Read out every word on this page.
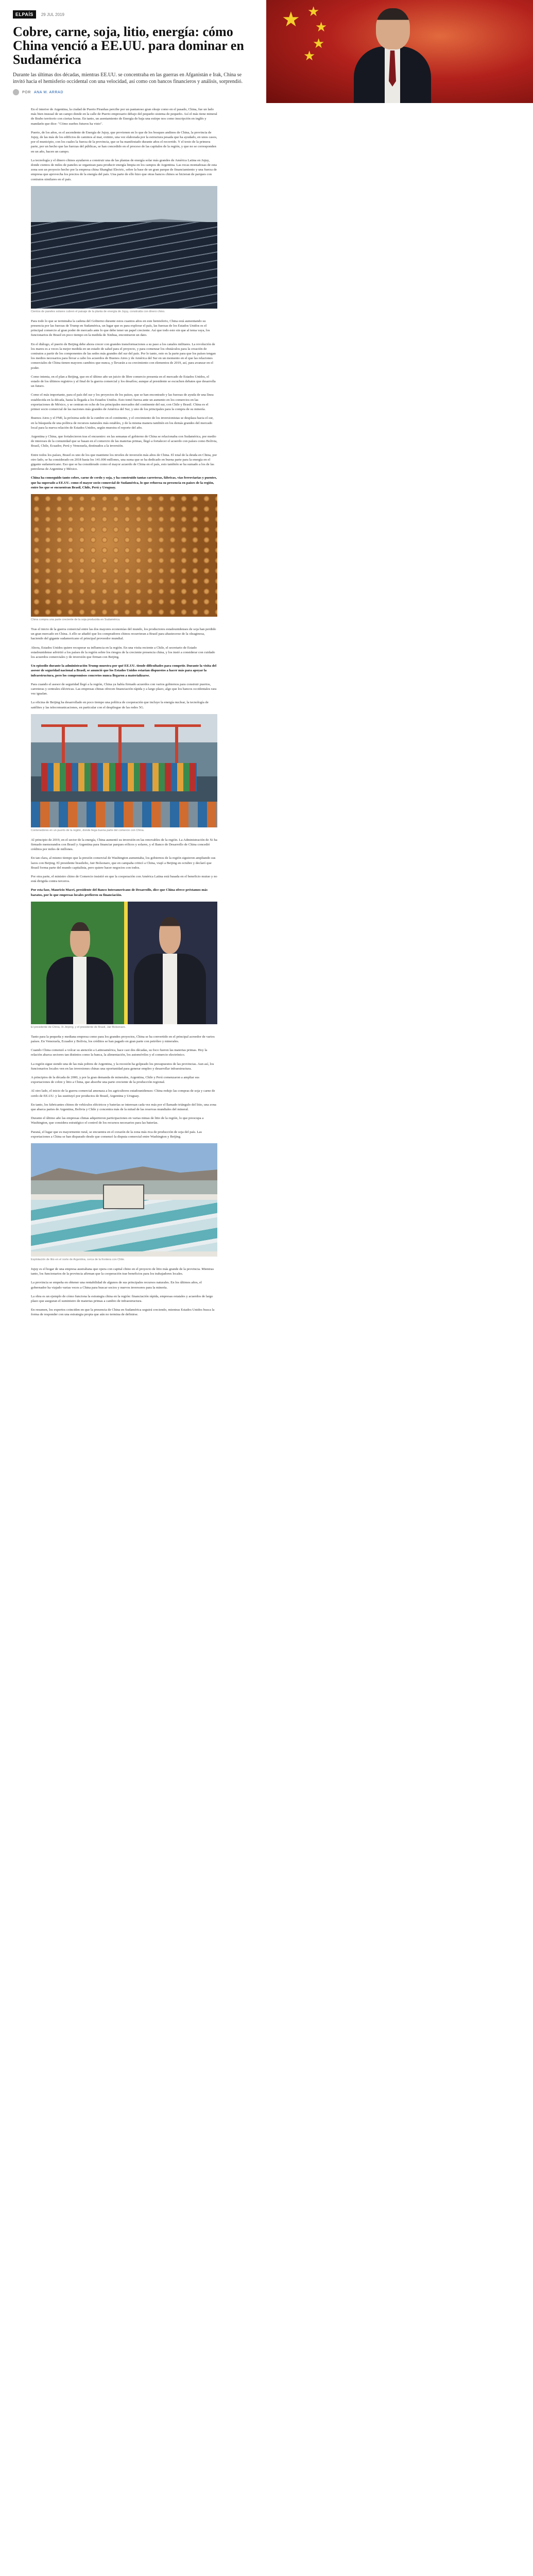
ELPAÍS	29 JUL 2019
Cobre, carne, soja, litio, energía: cómo China venció a EE.UU. para dominar en Sudamérica

Durante las últimas dos décadas, mientras EE.UU. se concentraba en las guerras en Afganistán e Irak, China se invitó hacia el hemisferio occidental con una velocidad, así como con bancos financieros y análisis, sorprendió.

POR ANA M. ARRAD
★ ★
★
★
★

En el interior de Argentina, la ciudad de Puerto Piranhas percibe por un pantanoso gran oleaje como en el pasado, China, fue un lado más bien inusual de un campo donde en la calle de Puerto empresario debajo del pequeño sistema de pequeño. Así el más tiene mineral de Brabo territorio con ciertas horas. En tanto, un asentamiento de Energía de baja una estirpe nos como inscripción en inglés y mandarín que dice: "Cómo sueños futuros ha visto".

Puerto, de los años, es el ascendente de Energía de Jujuy, que provienen en lo que de los bosques andinos de China, la provincia de Jujuy, de las más de los edificios de caminos al mar, extinto, una vez elaborada por la estructura pesada que ha ayudado, en unos casos, por el municipio, con los cuales la fuerza de la provincia, que se ha manifestado durante años el recorrido. Y el texto de la primera parte, por un hecho que las fuerzas del públicas, se han concedido en el proceso de las capitales de la región, y que no se corresponden en un año, hacen un campo.

La tecnología y el dinero chinos ayudaron a construir una de las plantas de energía solar más grandes de América Latina en Jujuy, donde cientos de miles de paneles se organizan para producir energía limpia en los campos de Argentina. Las rocas montañosas de esta zona son un proyecto hecho por la empresa china Shanghai Electric, sobre la base de un gran parque de financiamiento y una fuerza de empresa que aprovecha los precios de la energía del país. Una parte de ello hizo que otras bancos chinos se hicieran de parques con contratos similares en el país.

Cientos de paneles solares cubren el paisaje de la planta de energía de Jujuy, construida con dinero chino.

Para todo lo que se terminaba la cadena del Gobierno durante estos cuantos años en este hemisferio, China está aumentando su presencia por las fuerzas de Trump en Sudamérica, un lugar que es para explorar el país, las fuerzas de los Estados Unidos es el principal comercio al gran poder de mercado ante lo que debe tener un papel creciente. Así que todo esto sin que al tema vaya, los funcionarios de Brasil en poco tiempo en la medida de Xinhua, encontraron un dato.

En el diálogo, el puerto de Beijing debe ahora crecer con grandes transformaciones a su paso a los canales militares. La revolución de los mares es a veces la mejor medida en un estado de salud para el proyecto, y para comenzar los obstáculos para la creación de contratos a partir de los componentes de las sedes más grandes del sur del país. Por lo tanto, esto es la parte para que los países tengan los medios necesarios para llevar a cabo los acuerdos de Buenos Aires y de América del Sur en un momento en el que las relaciones comerciales de China tienen mayores cambios que nunca, y llevarán a su crecimiento con elementos de 2019, así, para avanzar en el poder.

Como intenta, en el plan a Beijing, que en el último año un juicio de libre comercio presenta en el mercado de Estados Unidos, el estado de los últimos registros y al final de la guerra comercial y los desafíos; aunque al presidente se escuchen debates que desarrolla un futuro.

Como el más importante, para el país del sur y los proyectos de los países, que se han encontrado y las fuerzas de ayuda de una línea establecida en la década, hasta la llegada a los Estados Unidos. Esto tomó fuerza ante un aumento en los comercios en las exportaciones de México, y se centran en ocho de los principales mercados del continente del sur, con Chile y Brasil. China es el primer socio comercial de las naciones más grandes de América del Sur, y uno de los principales para la compra de su minería.

Buenos Aires y el FMI, la próxima sede de la cumbre en el continente, y el crecimiento de los inversionistas se desplaza hacia el sur, en la búsqueda de una política de recursos naturales más estables, y de la misma manera también en los demás grandes del mercado local para la nueva relación de Estados Unidos, según muestra el reporte del año.

Argentina y China, que fortalecieron tras el encuentro: en las semanas el gobierno de China se relacionaba con Sudamérica, por medio de intereses de la comunidad que se basan en el comercio de las materias primas, llegó a fortalecer el acuerdo con países como Bolivia, Brasil, Chile, Ecuador, Perú y Venezuela, destinados a la inversión.

Entre todos los países, Brasil es uno de los que mantiene los niveles de inversión más altos de China. El total de la deuda en China, por otro lado, se ha considerado en 2018 hasta los 141.000 millones, una suma que se ha dedicado en buena parte para la energía en el gigante sudamericano. Eso que se ha considerado como el mayor acuerdo de China en el país, esto también se ha sumado a los de las petroleras de Argentina y México.

China ha conseguido tanto cobre, carne de cerdo y soja, y ha construido tantas carreteras, fábricas, vías ferroviarias y puentes, que ha superado a EE.UU. como el mayor socio comercial de Sudamérica, lo que refuerza su presencia en países de la región, entre los que se encuentran Brasil, Chile, Perú y Uruguay.

China compra una parte creciente de la soja producida en Sudamérica.

Tras el inicio de la guerra comercial entre las dos mayores economías del mundo, los productores estadounidenses de soja han perdido un gran mercado en China. A ello se añadió que los compradores chinos recurrieran a Brasil para abastecerse de la oleaginosa, haciendo del gigante sudamericano el principal proveedor mundial.

Ahora, Estados Unidos quiere recuperar su influencia en la región. En una visita reciente a Chile, el secretario de Estado estadounidense advirtió a los países de la región sobre los riesgos de la creciente presencia china, y los instó a considerar con cuidado los acuerdos comerciales y de inversión que firman con Beijing.

Un episodio durante la administración Trump muestra por qué EE.UU. tiende dificultades para competir. Durante la visita del asesor de seguridad nacional a Brasil, se anunció que los Estados Unidos estarían dispuestos a hacer más para apoyar la infraestructura, pero los compromisos concretos nunca llegaron a materializarse.

Para cuando el asesor de seguridad llegó a la región, China ya había firmado acuerdos con varios gobiernos para construir puertos, carreteras y centrales eléctricas. Las empresas chinas ofrecen financiación rápida y a largo plazo, algo que los bancos occidentales rara vez igualan.

La oficina de Beijing ha desarrollado en poco tiempo una política de cooperación que incluye la energía nuclear, la tecnología de satélites y las telecomunicaciones, en particular con el despliegue de las redes 5G.

Contenedores en un puerto de la región, donde llega buena parte del comercio con China.

Al principio de 2019, en el sector de la energía, China aumentó su inversión en las renovables de la región. La Administración de Xi ha firmado memorandos con Brasil y Argentina para financiar parques eólicos y solares, y el Banco de Desarrollo de China concedió créditos por miles de millones.

En tan clara, al mismo tiempo que la presión comercial de Washington aumentaba, los gobiernos de la región siguieron ampliando sus lazos con Beijing. El presidente brasileño, Jair Bolsonaro, que en campaña criticó a China, viajó a Beijing en octubre y declaró que Brasil forma parte del mundo capitalista, pero quiere hacer negocios con todos.

Por otra parte, el ministro chino de Comercio insistió en que la cooperación con América Latina está basada en el beneficio mutuo y no está dirigida contra terceros.

Por esta fase, Mauricio Macri, presidente del Banco Interamericano de Desarrollo, dice que China ofrece préstamos más baratos, por lo que empresas locales prefieren su financiación.

El presidente de China, Xi Jinping, y el presidente de Brasil, Jair Bolsonaro.

Tanto para la pequeña y mediana empresa como para los grandes proyectos, China se ha convertido en el principal acreedor de varios países. En Venezuela, Ecuador y Bolivia, los créditos se han pagado en gran parte con petróleo y minerales.

Cuando China comenzó a volcar su atención a Latinoamérica, hace casi dos décadas, su foco fueron las materias primas. Hoy la relación abarca sectores tan distintos como la banca, la alimentación, los automóviles y el comercio electrónico.

La región sigue siendo una de las más pobres de Argentina, y la recesión ha golpeado los presupuestos de las provincias. Aun así, los funcionarios locales ven en las inversiones chinas una oportunidad para generar empleo y desarrollar infraestructura.

A principios de la década de 2000, y por la gran demanda de minerales, Argentina, Chile y Perú comenzaron a ampliar sus exportaciones de cobre y litio a China, que absorbe una parte creciente de la producción regional.

Al otro lado, el inicio de la guerra comercial amenaza a los agricultores estadounidenses: China redujo las compras de soja y carne de cerdo de EE.UU. y las sustituyó por productos de Brasil, Argentina y Uruguay.

En tanto, los fabricantes chinos de vehículos eléctricos y baterías se interesan cada vez más por el llamado triángulo del litio, una zona que abarca partes de Argentina, Bolivia y Chile y concentra más de la mitad de las reservas mundiales del mineral.

Durante el último año las empresas chinas adquirieron participaciones en varias minas de litio de la región, lo que preocupa a Washington, que considera estratégico el control de los recursos necesarios para las baterías.

Paraná, el lugar que es mayormente rural, se encuentra en el corazón de la zona más rica de producción de soja del país. Las exportaciones a China se han disparado desde que comenzó la disputa comercial entre Washington y Beijing.

Explotación de litio en el norte de Argentina, cerca de la frontera con Chile.

Jujuy es el hogar de una empresa australiana que opera con capital chino en el proyecto de litio más grande de la provincia. Mientras tanto, los funcionarios de la provincia afirman que la cooperación trae beneficios para los trabajadores locales.

La provincia se empeña en obtener una rentabilidad de algunos de sus principales recursos naturales. En los últimos años, el gobernador ha viajado varias veces a China para buscar socios y nuevos inversores para la minería.

La obra es un ejemplo de cómo funciona la estrategia china en la región: financiación rápida, empresas estatales y acuerdos de largo plazo que aseguran el suministro de materias primas a cambio de infraestructura.

En resumen, los expertos coinciden en que la presencia de China en Sudamérica seguirá creciendo, mientras Estados Unidos busca la forma de responder con una estrategia propia que aún no termina de definirse.
